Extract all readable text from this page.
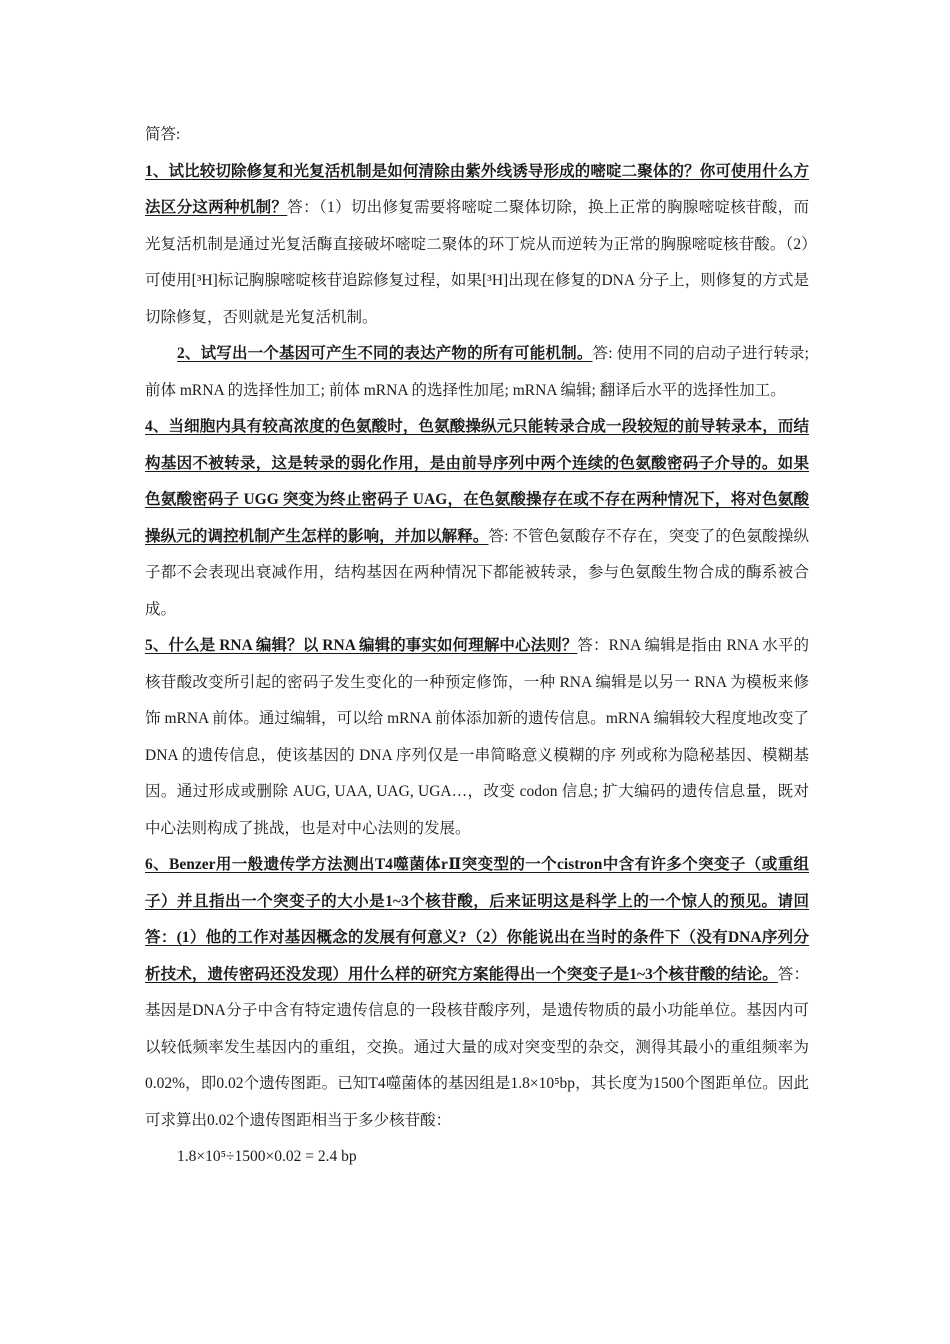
简答:

1、试比较切除修复和光复活机制是如何清除由紫外线诱导形成的嘧啶二聚体的？你可使用什么方法区分这两种机制？答：（1）切出修复需要将嘧啶二聚体切除，换上正常的胸腺嘧啶核苷酸，而光复活机制是通过光复活酶直接破坏嘧啶二聚体的环丁烷从而逆转为正常的胸腺嘧啶核苷酸。（2）可使用[³H]标记胸腺嘧啶核苷追踪修复过程，如果[³H]出现在修复的DNA 分子上，则修复的方式是切除修复，否则就是光复活机制。

2、试写出一个基因可产生不同的表达产物的所有可能机制。答: 使用不同的启动子进行转录; 前体 mRNA 的选择性加工; 前体 mRNA 的选择性加尾; mRNA 编辑; 翻译后水平的选择性加工。

4、当细胞内具有较高浓度的色氨酸时，色氨酸操纵元只能转录合成一段较短的前导转录本，而结构基因不被转录，这是转录的弱化作用，是由前导序列中两个连续的色氨酸密码子介导的。如果色氨酸密码子 UGG 突变为终止密码子 UAG，在色氨酸操存在或不存在两种情况下，将对色氨酸操纵元的调控机制产生怎样的影响，并加以解释。答: 不管色氨酸存不存在，突变了的色氨酸操纵子都不会表现出衰减作用，结构基因在两种情况下都能被转录，参与色氨酸生物合成的酶系被合成。

5、什么是 RNA 编辑？以 RNA 编辑的事实如何理解中心法则？答：RNA 编辑是指由 RNA 水平的核苷酸改变所引起的密码子发生变化的一种预定修饰，一种 RNA 编辑是以另一 RNA 为模板来修饰 mRNA 前体。通过编辑，可以给 mRNA 前体添加新的遗传信息。mRNA 编辑较大程度地改变了 DNA 的遗传信息，使该基因的 DNA 序列仅是一串简略意义模糊的序 列或称为隐秘基因、模糊基因。通过形成或删除 AUG, UAA, UAG, UGA…，改变 codon 信息; 扩大编码的遗传信息量，既对中心法则构成了挑战，也是对中心法则的发展。

6、Benzer用一般遗传学方法测出T4噬菌体rⅡ突变型的一个cistron中含有许多个突变子（或重组子）并且指出一个突变子的大小是1~3个核苷酸，后来证明这是科学上的一个惊人的预见。请回答：(1）他的工作对基因概念的发展有何意义?（2）你能说出在当时的条件下（没有DNA序列分析技术，遗传密码还没发现）用什么样的研究方案能得出一个突变子是1~3个核苷酸的结论。答：基因是DNA分子中含有特定遗传信息的一段核苷酸序列，是遗传物质的最小功能单位。基因内可以较低频率发生基因内的重组，交换。通过大量的成对突变型的杂交，测得其最小的重组频率为0.02%，即0.02个遗传图距。已知T4噬菌体的基因组是1.8×10⁵bp，其长度为1500个图距单位。因此可求算出0.02个遗传图距相当于多少核苷酸：

1.8×10⁵÷1500×0.02 = 2.4 bp
